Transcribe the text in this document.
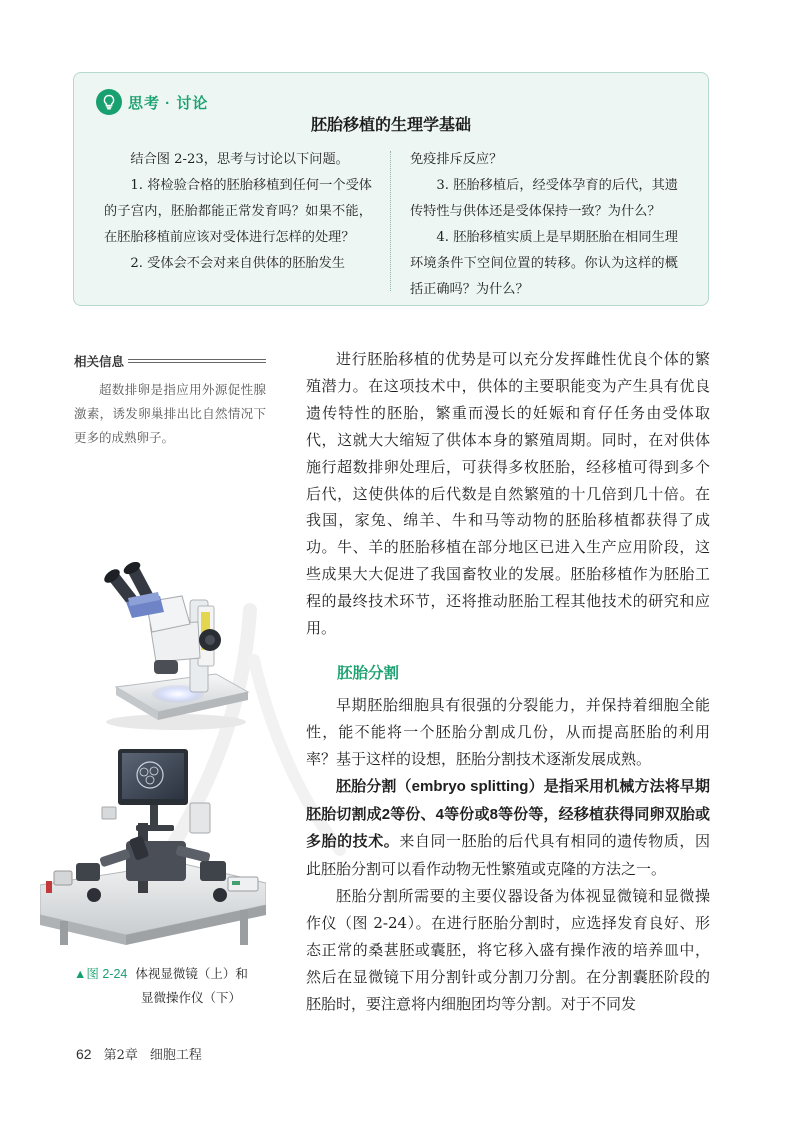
思考 · 讨论
胚胎移植的生理学基础

结合图 2-23，思考与讨论以下问题。

1. 将检验合格的胚胎移植到任何一个受体的子宫内，胚胎都能正常发育吗？如果不能，在胚胎移植前应该对受体进行怎样的处理？

2. 受体会不会对来自供体的胚胎发生

免疫排斥反应？

3. 胚胎移植后，经受体孕育的后代，其遗传特性与供体还是受体保持一致？为什么？

4. 胚胎移植实质上是早期胚胎在相同生理环境条件下空间位置的转移。你认为这样的概括正确吗？为什么？

相关信息

超数排卵是指应用外源促性腺激素，诱发卵巢排出比自然情况下更多的成熟卵子。

▲图 2-24 体视显微镜（上）和
显微操作仪（下）

进行胚胎移植的优势是可以充分发挥雌性优良个体的繁殖潜力。在这项技术中，供体的主要职能变为产生具有优良遗传特性的胚胎，繁重而漫长的妊娠和育仔任务由受体取代，这就大大缩短了供体本身的繁殖周期。同时，在对供体施行超数排卵处理后，可获得多枚胚胎，经移植可得到多个后代，这使供体的后代数是自然繁殖的十几倍到几十倍。在我国，家兔、绵羊、牛和马等动物的胚胎移植都获得了成功。牛、羊的胚胎移植在部分地区已进入生产应用阶段，这些成果大大促进了我国畜牧业的发展。胚胎移植作为胚胎工程的最终技术环节，还将推动胚胎工程其他技术的研究和应用。

胚胎分割

早期胚胎细胞具有很强的分裂能力，并保持着细胞全能性，能不能将一个胚胎分割成几份，从而提高胚胎的利用率？基于这样的设想，胚胎分割技术逐渐发展成熟。

胚胎分割（embryo splitting）是指采用机械方法将早期胚胎切割成2等份、4等份或8等份等，经移植获得同卵双胎或多胎的技术。来自同一胚胎的后代具有相同的遗传物质，因此胚胎分割可以看作动物无性繁殖或克隆的方法之一。

胚胎分割所需要的主要仪器设备为体视显微镜和显微操作仪（图 2-24）。在进行胚胎分割时，应选择发育良好、形态正常的桑葚胚或囊胚，将它移入盛有操作液的培养皿中，然后在显微镜下用分割针或分割刀分割。在分割囊胚阶段的胚胎时，要注意将内细胞团均等分割。对于不同发

62 第2章 细胞工程
